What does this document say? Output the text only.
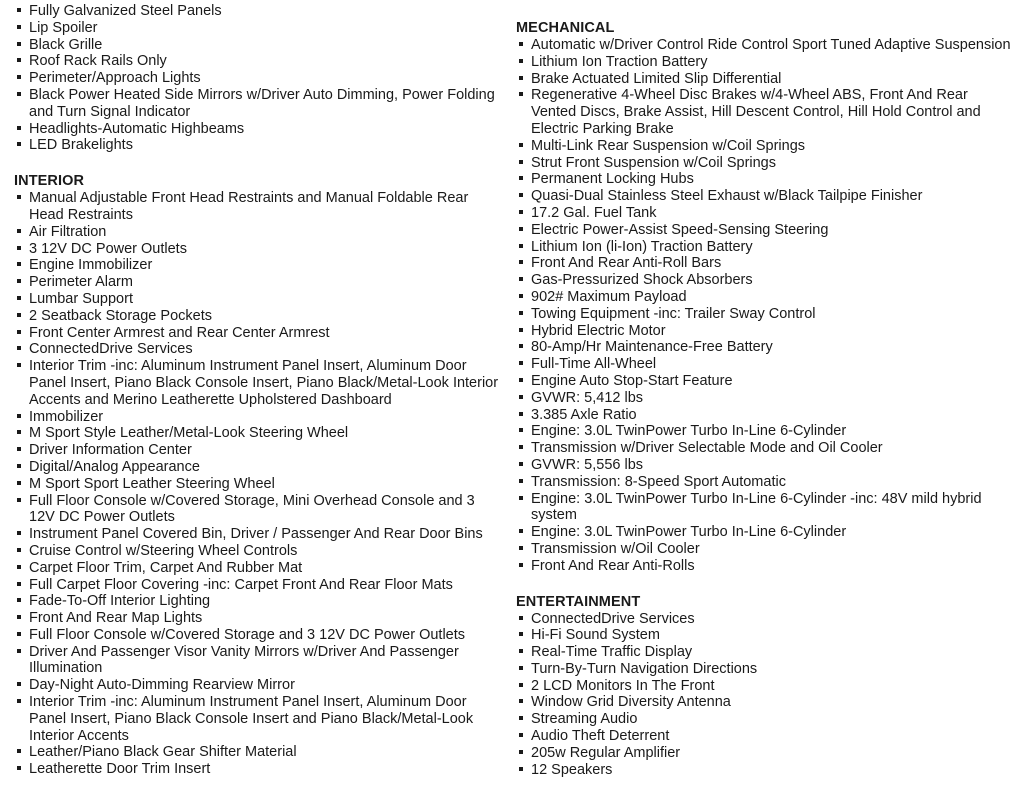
Fully Galvanized Steel Panels
Lip Spoiler
Black Grille
Roof Rack Rails Only
Perimeter/Approach Lights
Black Power Heated Side Mirrors w/Driver Auto Dimming, Power Folding and Turn Signal Indicator
Headlights-Automatic Highbeams
LED Brakelights
INTERIOR
Manual Adjustable Front Head Restraints and Manual Foldable Rear Head Restraints
Air Filtration
3 12V DC Power Outlets
Engine Immobilizer
Perimeter Alarm
Lumbar Support
2 Seatback Storage Pockets
Front Center Armrest and Rear Center Armrest
ConnectedDrive Services
Interior Trim -inc: Aluminum Instrument Panel Insert, Aluminum Door Panel Insert, Piano Black Console Insert, Piano Black/Metal-Look Interior Accents and Merino Leatherette Upholstered Dashboard
Immobilizer
M Sport Style Leather/Metal-Look Steering Wheel
Driver Information Center
Digital/Analog Appearance
M Sport Sport Leather Steering Wheel
Full Floor Console w/Covered Storage, Mini Overhead Console and 3 12V DC Power Outlets
Instrument Panel Covered Bin, Driver / Passenger And Rear Door Bins
Cruise Control w/Steering Wheel Controls
Carpet Floor Trim, Carpet And Rubber Mat
Full Carpet Floor Covering -inc: Carpet Front And Rear Floor Mats
Fade-To-Off Interior Lighting
Front And Rear Map Lights
Full Floor Console w/Covered Storage and 3 12V DC Power Outlets
Driver And Passenger Visor Vanity Mirrors w/Driver And Passenger Illumination
Day-Night Auto-Dimming Rearview Mirror
Interior Trim -inc: Aluminum Instrument Panel Insert, Aluminum Door Panel Insert, Piano Black Console Insert and Piano Black/Metal-Look Interior Accents
Leather/Piano Black Gear Shifter Material
Leatherette Door Trim Insert
MECHANICAL
Automatic w/Driver Control Ride Control Sport Tuned Adaptive Suspension
Lithium Ion Traction Battery
Brake Actuated Limited Slip Differential
Regenerative 4-Wheel Disc Brakes w/4-Wheel ABS, Front And Rear Vented Discs, Brake Assist, Hill Descent Control, Hill Hold Control and Electric Parking Brake
Multi-Link Rear Suspension w/Coil Springs
Strut Front Suspension w/Coil Springs
Permanent Locking Hubs
Quasi-Dual Stainless Steel Exhaust w/Black Tailpipe Finisher
17.2 Gal. Fuel Tank
Electric Power-Assist Speed-Sensing Steering
Lithium Ion (li-Ion) Traction Battery
Front And Rear Anti-Roll Bars
Gas-Pressurized Shock Absorbers
902# Maximum Payload
Towing Equipment -inc: Trailer Sway Control
Hybrid Electric Motor
80-Amp/Hr Maintenance-Free Battery
Full-Time All-Wheel
Engine Auto Stop-Start Feature
GVWR: 5,412 lbs
3.385 Axle Ratio
Engine: 3.0L TwinPower Turbo In-Line 6-Cylinder
Transmission w/Driver Selectable Mode and Oil Cooler
GVWR: 5,556 lbs
Transmission: 8-Speed Sport Automatic
Engine: 3.0L TwinPower Turbo In-Line 6-Cylinder -inc: 48V mild hybrid system
Engine: 3.0L TwinPower Turbo In-Line 6-Cylinder
Transmission w/Oil Cooler
Front And Rear Anti-Rolls
ENTERTAINMENT
ConnectedDrive Services
Hi-Fi Sound System
Real-Time Traffic Display
Turn-By-Turn Navigation Directions
2 LCD Monitors In The Front
Window Grid Diversity Antenna
Streaming Audio
Audio Theft Deterrent
205w Regular Amplifier
12 Speakers
